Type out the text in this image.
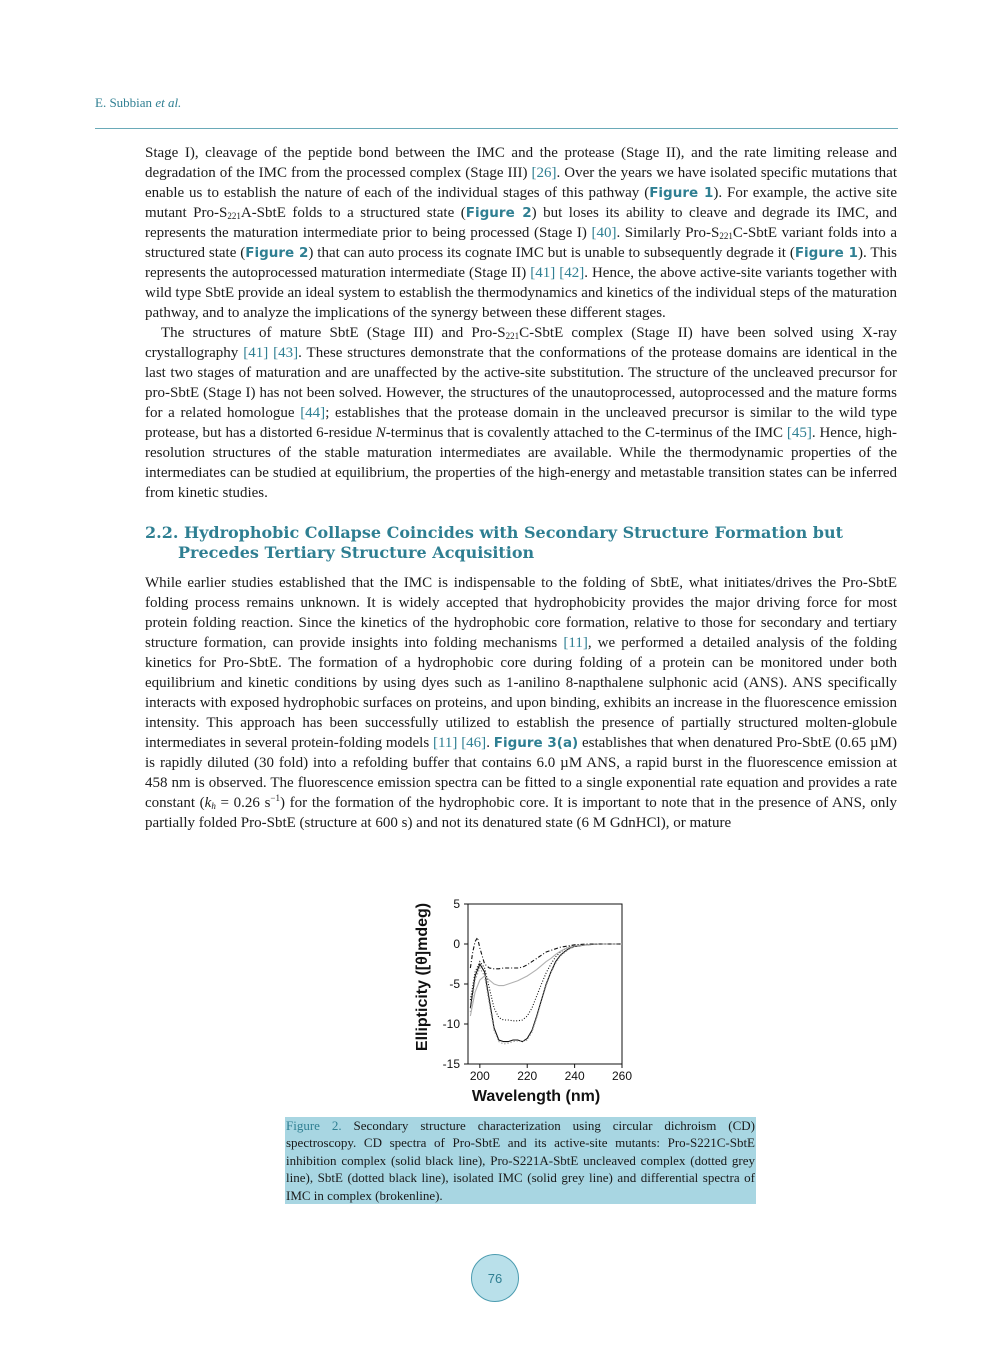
E. Subbian et al.

Stage I), cleavage of the peptide bond between the IMC and the protease (Stage II), and the rate limiting release and degradation of the IMC from the processed complex (Stage III) [26]. Over the years we have isolated specific mutations that enable us to establish the nature of each of the individual stages of this pathway (Figure 1). For example, the active site mutant Pro-$S_{221}A$-SbtE folds to a structured state (Figure 2) but loses its ability to cleave and degrade its IMC, and represents the maturation intermediate prior to being processed (Stage I) [40]. Similarly Pro-$S_{221}C$-SbtE variant folds into a structured state (Figure 2) that can auto process its cognate IMC but is unable to subsequently degrade it (Figure 1). This represents the autoprocessed maturation intermediate (Stage II) [41] [42]. Hence, the above active-site variants together with wild type SbtE provide an ideal system to establish the thermodynamics and kinetics of the individual steps of the maturation pathway, and to analyze the implications of the synergy between these different stages.

The structures of mature SbtE (Stage III) and Pro-$S_{221}C$-SbtE complex (Stage II) have been solved using X-ray crystallography [41] [43]. These structures demonstrate that the conformations of the protease domains are identical in the last two stages of maturation and are unaffected by the active-site substitution. The structure of the uncleaved precursor for pro-SbtE (Stage I) has not been solved. However, the structures of the unautoprocessed, autoprocessed and the mature forms for a related homologue [44]; establishes that the protease domain in the uncleaved precursor is similar to the wild type protease, but has a distorted 6-residue N-terminus that is covalently attached to the C-terminus of the IMC [45]. Hence, high-resolution structures of the stable maturation intermediates are available. While the thermodynamic properties of the intermediates can be studied at equilibrium, the properties of the high-energy and metastable transition states can be inferred from kinetic studies.

2.2. Hydrophobic Collapse Coincides with Secondary Structure Formation but Precedes Tertiary Structure Acquisition

While earlier studies established that the IMC is indispensable to the folding of SbtE, what initiates/drives the Pro-SbtE folding process remains unknown. It is widely accepted that hydrophobicity provides the major driving force for most protein folding reaction. Since the kinetics of the hydrophobic core formation, relative to those for secondary and tertiary structure formation, can provide insights into folding mechanisms [11], we performed a detailed analysis of the folding kinetics for Pro-SbtE. The formation of a hydrophobic core during folding of a protein can be monitored under both equilibrium and kinetic conditions by using dyes such as 1-anilino 8-napthalene sulphonic acid (ANS). ANS specifically interacts with exposed hydrophobic surfaces on proteins, and upon binding, exhibits an increase in the fluorescence emission intensity. This approach has been successfully utilized to establish the presence of partially structured molten-globule intermediates in several protein-folding models [11] [46]. Figure 3(a) establishes that when denatured Pro-SbtE (0.65 µM) is rapidly diluted (30 fold) into a refolding buffer that contains 6.0 µM ANS, a rapid burst in the fluorescence emission at 458 nm is observed. The fluorescence emission spectra can be fitted to a single exponential rate equation and provides a rate constant ($k_h = 0.26$ $s^{-1}$) for the formation of the hydrophobic core. It is important to note that in the presence of ANS, only partially folded Pro-SbtE (structure at 600 s) and not its denatured state (6 M GdnHCl), or mature

200 220 240 260
5
0
-5
-10
-15
Ellipticity ([θ]mdeg)
Wavelength (nm)
Figure 2. Secondary structure characterization using circular dichroism (CD) spectroscopy. CD spectra of Pro-SbtE and its active-site mutants: Pro-S221C-SbtE inhibition complex (solid black line), Pro-S221A-SbtE uncleaved complex (dotted grey line), SbtE (dotted black line), isolated IMC (solid grey line) and differential spectra of IMC in complex (brokenline).
76
